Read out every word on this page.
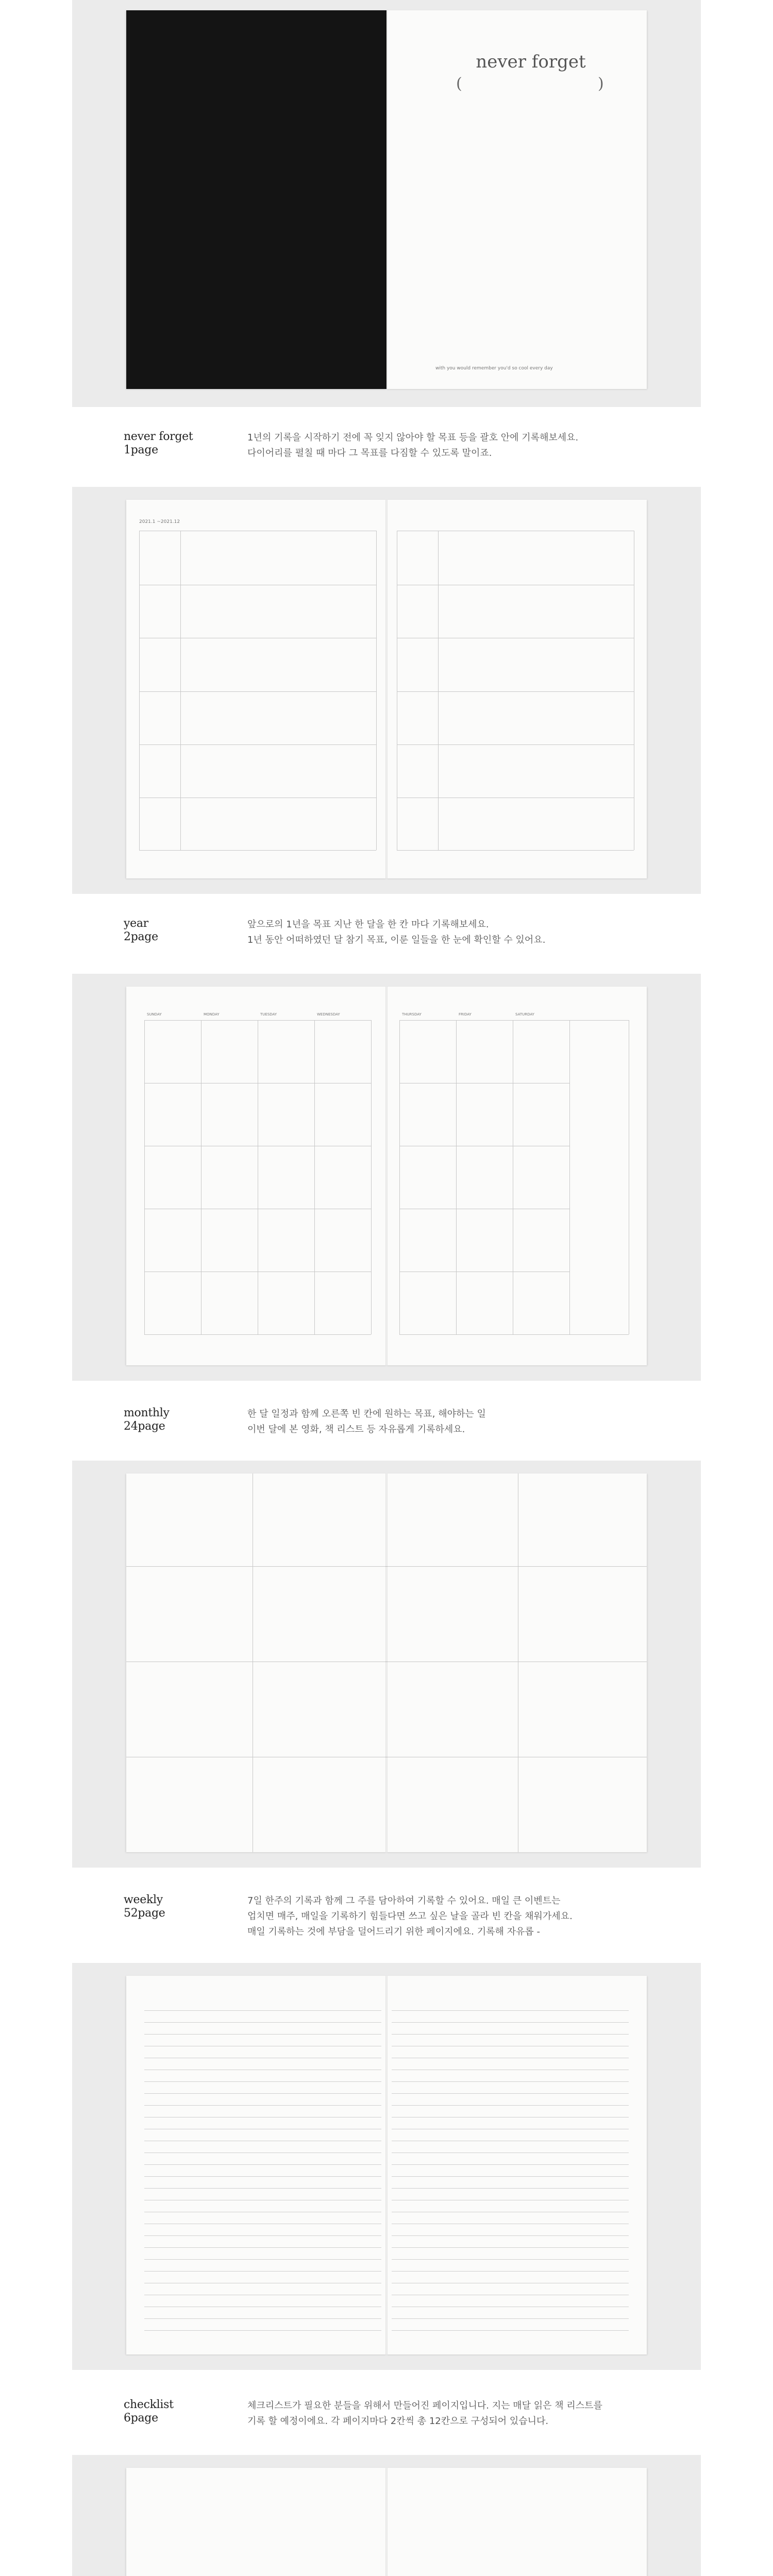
never forget
(	)
with you would remember you'd so cool every day
never forget
1page
1년의 기록을 시작하기 전에 꼭 잊지 않아야 할 목표 등을 괄호 안에 기록해보세요.
다이어리를 펼칠 때 마다 그 목표를 다짐할 수 있도록 말이죠.
2021.1 ~2021.12
year
2page
앞으로의 1년을 목표 지난 한 달을 한 칸 마다 기록해보세요.
1년 동안 어떠하였던 달 참기 목표, 이룬 일들을 한 눈에 확인할 수 있어요.
SUNDAY	MONDAY	TUESDAY	WEDNESDAY	THURSDAY	FRIDAY	SATURDAY
monthly
24page
한 달 일정과 함께 오른쪽 빈 칸에 원하는 목표, 해야하는 일
이번 달에 본 영화, 책 리스트 등 자유롭게 기록하세요.
weekly
52page
7일 한주의 기록과 함께 그 주를 담아하여 기록할 수 있어요. 매일 큰 이벤트는
업치면 매주, 매일을 기록하기 힘들다면 쓰고 싶은 날을 골라 빈 칸을 채워가세요.
매일 기록하는 것에 부담을 덜어드리기 위한 페이지에요. 기록해 자유롭 -
checklist
6page
체크리스트가 필요한 분들을 위해서 만들어진 페이지입니다. 지는 매달 읽은 책 리스트를
기록 할 예정이에요. 각 페이지마다 2칸씩 총 12칸으로 구성되어 있습니다.
